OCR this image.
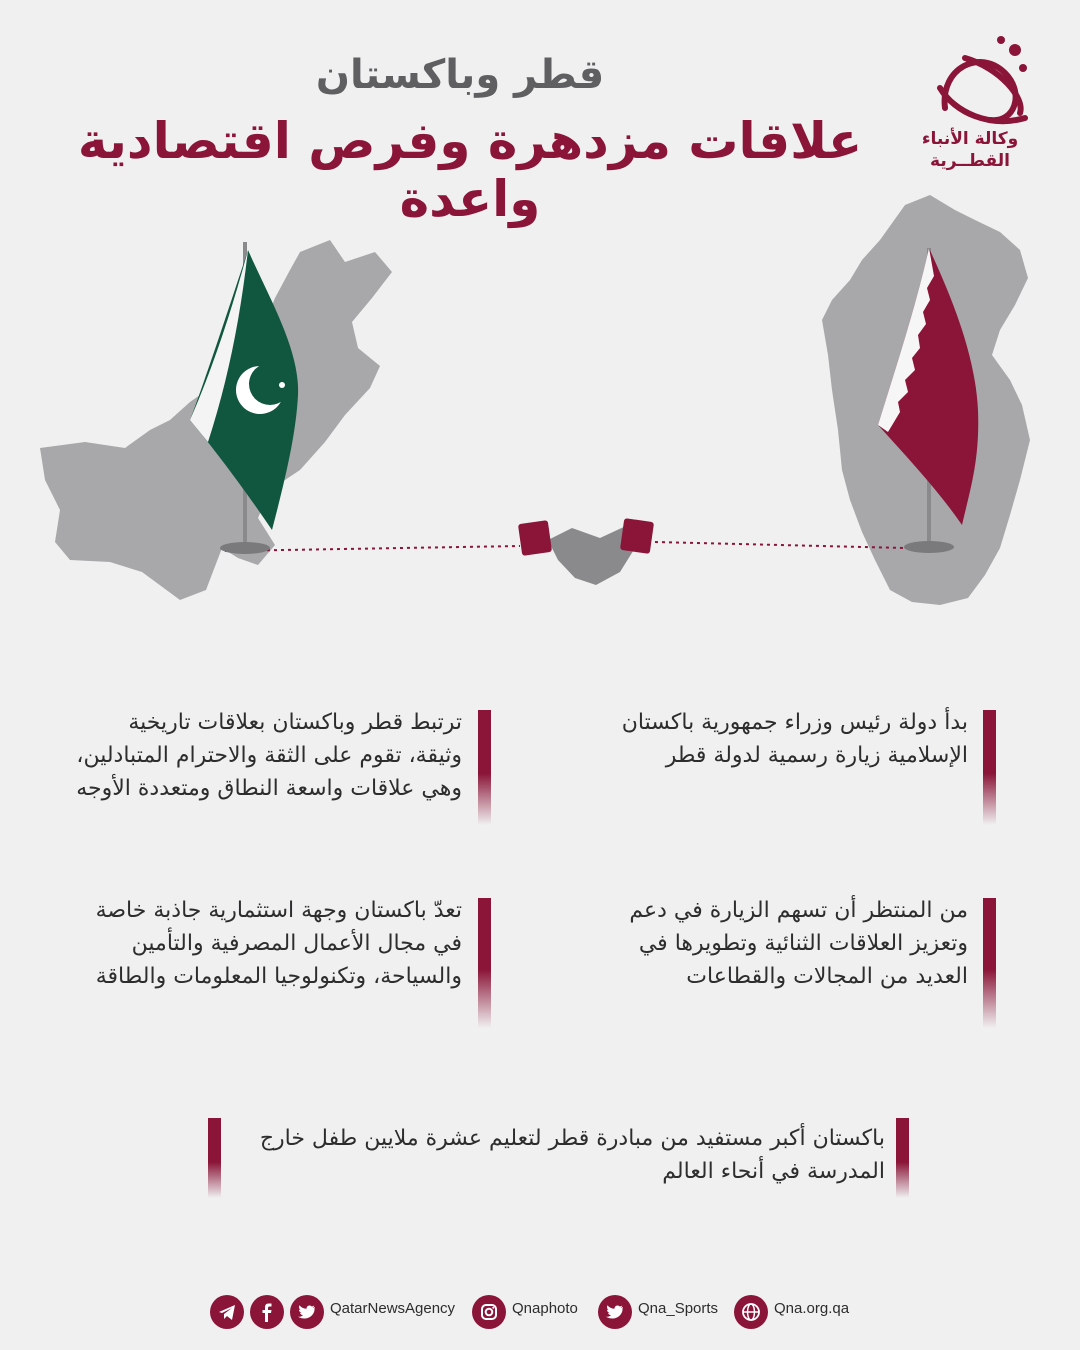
قطر وباكستان
علاقات مزدهرة وفرص اقتصادية واعدة
وكالة الأنباء
القطــرية
بدأ دولة رئيس وزراء جمهورية باكستان الإسلامية زيارة رسمية لدولة قطر
ترتبط قطر وباكستان بعلاقات تاريخية وثيقة، تقوم على الثقة والاحترام المتبادلين، وهي علاقات واسعة النطاق ومتعددة الأوجه
من المنتظر أن تسهم الزيارة في دعم وتعزيز العلاقات الثنائية وتطويرها في العديد من المجالات والقطاعات
تعدّ باكستان وجهة استثمارية جاذبة خاصة في مجال الأعمال المصرفية والتأمين والسياحة، وتكنولوجيا المعلومات والطاقة
باكستان أكبر مستفيد من مبادرة قطر لتعليم عشرة ملايين طفل خارج المدرسة في أنحاء العالم
QatarNewsAgency	Qnaphoto	Qna_Sports	Qna.org.qa
